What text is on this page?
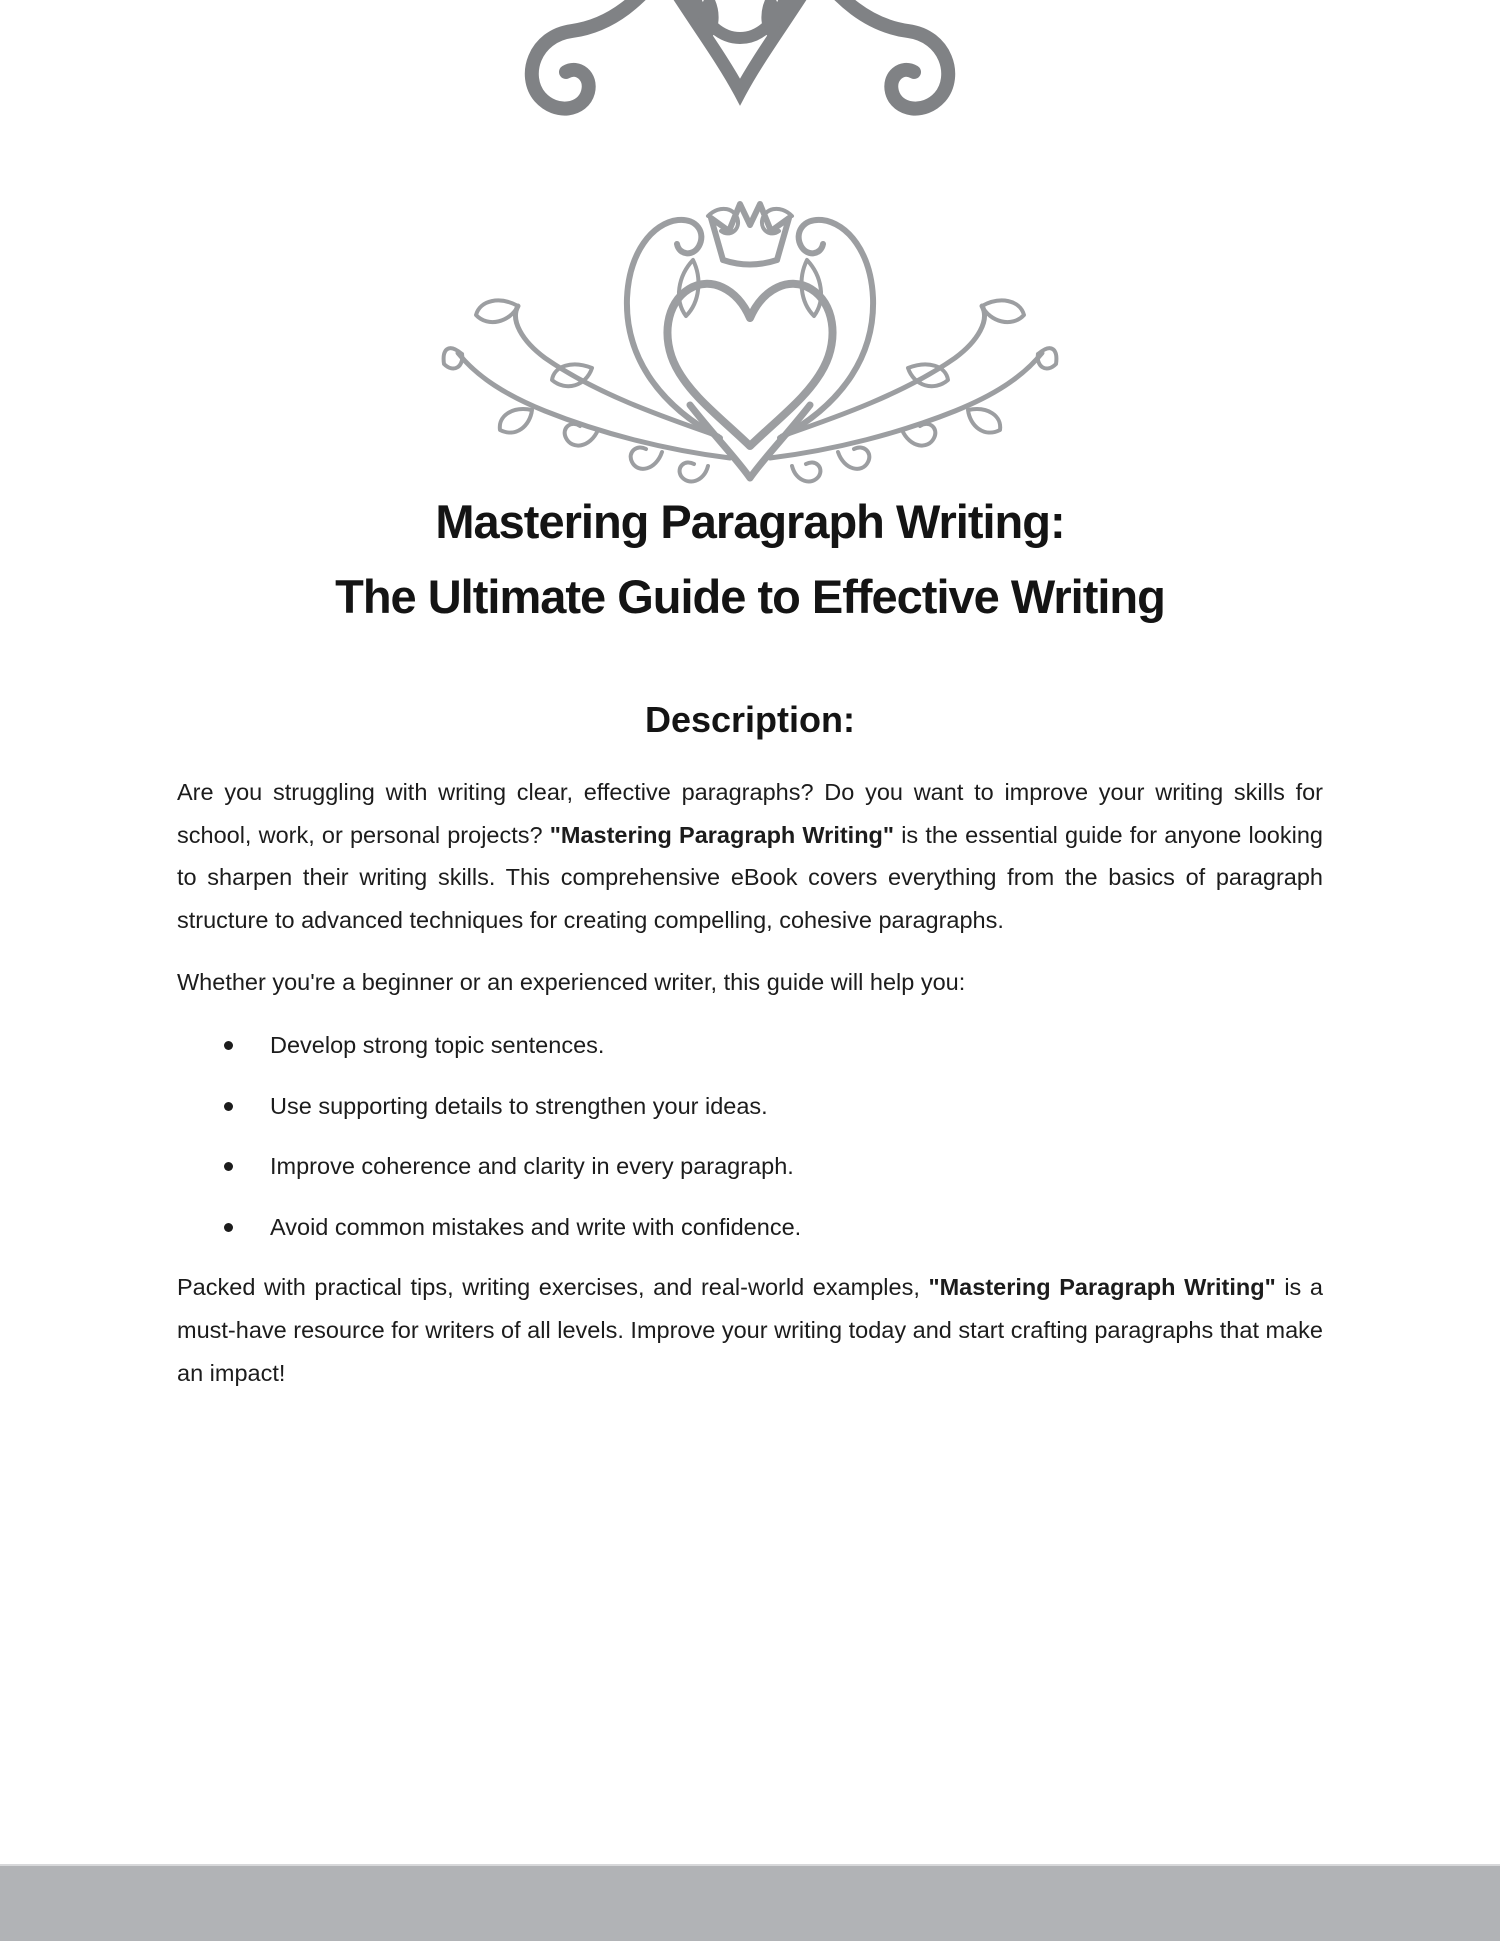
Mastering Paragraph Writing:
The Ultimate Guide to Effective Writing
Description:

Are you struggling with writing clear, effective paragraphs? Do you want to improve your writing skills for school, work, or personal projects? "Mastering Paragraph Writing" is the essential guide for anyone looking to sharpen their writing skills. This comprehensive eBook covers everything from the basics of paragraph structure to advanced techniques for creating compelling, cohesive paragraphs.

Whether you're a beginner or an experienced writer, this guide will help you:

Develop strong topic sentences.
Use supporting details to strengthen your ideas.
Improve coherence and clarity in every paragraph.
Avoid common mistakes and write with confidence.

Packed with practical tips, writing exercises, and real-world examples, "Mastering Paragraph Writing" is a must-have resource for writers of all levels. Improve your writing today and start crafting paragraphs that make an impact!
